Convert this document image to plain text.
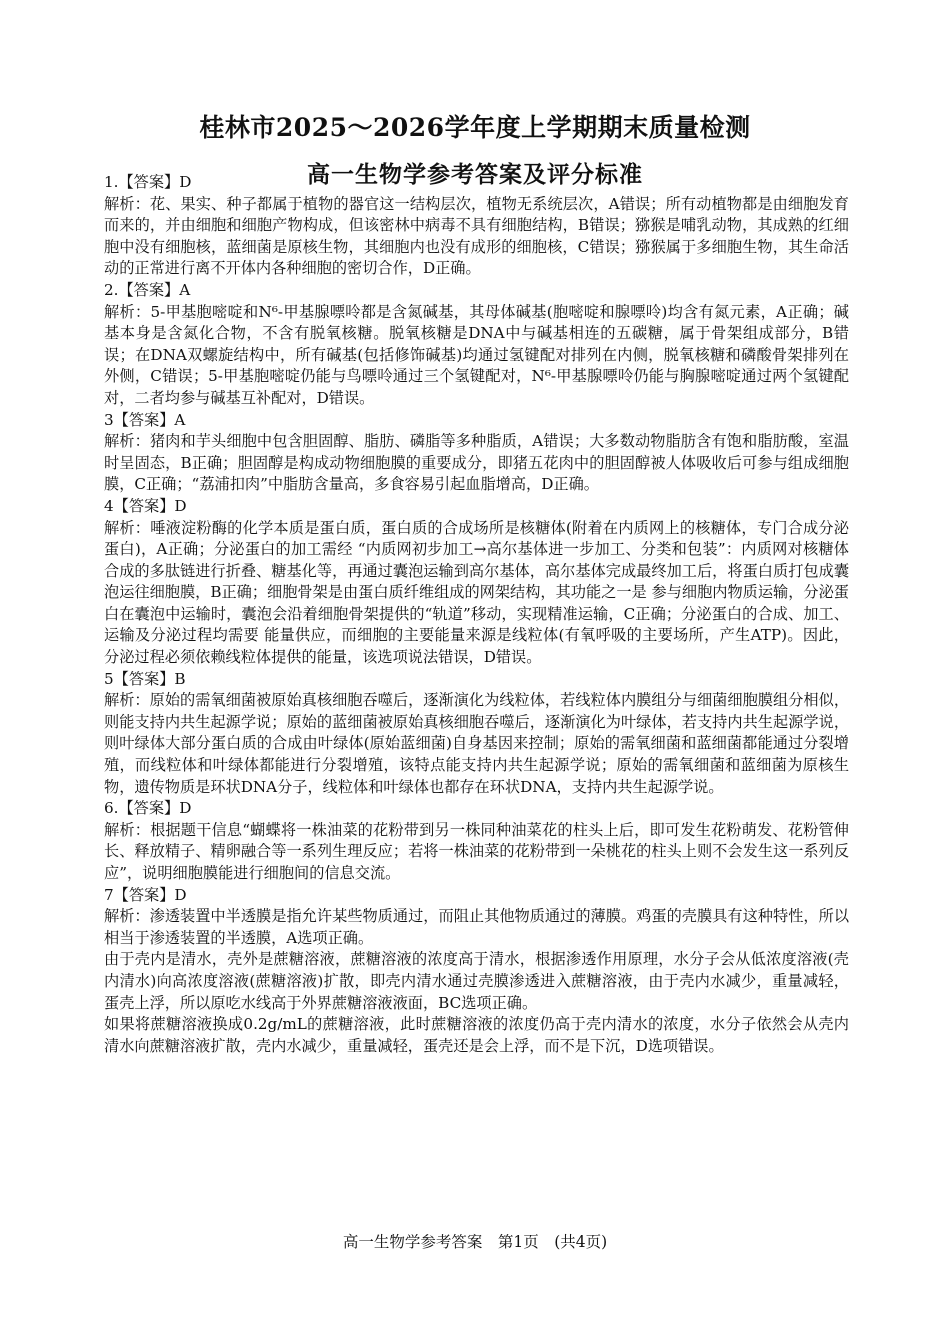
桂林市2025～2026学年度上学期期末质量检测
高一生物学参考答案及评分标准
1.【答案】D
解析：花、果实、种子都属于植物的器官这一结构层次，植物无系统层次，A错误；所有动植物都是由细胞发育而来的，并由细胞和细胞产物构成，但该密林中病毒不具有细胞结构，B错误；猕猴是哺乳动物，其成熟的红细胞中没有细胞核，蓝细菌是原核生物，其细胞内也没有成形的细胞核，C错误；猕猴属于多细胞生物，其生命活动的正常进行离不开体内各种细胞的密切合作，D正确。
2.【答案】A
解析：5-甲基胞嘧啶和N⁶-甲基腺嘌呤都是含氮碱基，其母体碱基(胞嘧啶和腺嘌呤)均含有氮元素，A正确；碱基本身是含氮化合物，不含有脱氧核糖。脱氧核糖是DNA中与碱基相连的五碳糖，属于骨架组成部分，B错误；在DNA双螺旋结构中，所有碱基(包括修饰碱基)均通过氢键配对排列在内侧，脱氧核糖和磷酸骨架排列在外侧，C错误；5-甲基胞嘧啶仍能与鸟嘌呤通过三个氢键配对，N⁶-甲基腺嘌呤仍能与胸腺嘧啶通过两个氢键配对，二者均参与碱基互补配对，D错误。
3【答案】A
解析：猪肉和芋头细胞中包含胆固醇、脂肪、磷脂等多种脂质，A错误；大多数动物脂肪含有饱和脂肪酸，室温时呈固态，B正确；胆固醇是构成动物细胞膜的重要成分，即猪五花肉中的胆固醇被人体吸收后可参与组成细胞膜，C正确；“荔浦扣肉”中脂肪含量高，多食容易引起血脂增高，D正确。
4【答案】D
解析：唾液淀粉酶的化学本质是蛋白质，蛋白质的合成场所是核糖体(附着在内质网上的核糖体，专门合成分泌蛋白)，A正确；分泌蛋白的加工需经 “内质网初步加工→高尔基体进一步加工、分类和包装”：内质网对核糖体合成的多肽链进行折叠、糖基化等，再通过囊泡运输到高尔基体，高尔基体完成最终加工后，将蛋白质打包成囊泡运往细胞膜，B正确；细胞骨架是由蛋白质纤维组成的网架结构，其功能之一是 参与细胞内物质运输，分泌蛋白在囊泡中运输时，囊泡会沿着细胞骨架提供的“轨道”移动，实现精准运输，C正确；分泌蛋白的合成、加工、运输及分泌过程均需要 能量供应，而细胞的主要能量来源是线粒体(有氧呼吸的主要场所，产生ATP)。因此，分泌过程必须依赖线粒体提供的能量，该选项说法错误，D错误。
5【答案】B
解析：原始的需氧细菌被原始真核细胞吞噬后，逐渐演化为线粒体，若线粒体内膜组分与细菌细胞膜组分相似，则能支持内共生起源学说；原始的蓝细菌被原始真核细胞吞噬后，逐渐演化为叶绿体，若支持内共生起源学说，则叶绿体大部分蛋白质的合成由叶绿体(原始蓝细菌)自身基因来控制；原始的需氧细菌和蓝细菌都能通过分裂增殖，而线粒体和叶绿体都能进行分裂增殖，该特点能支持内共生起源学说；原始的需氧细菌和蓝细菌为原核生物，遗传物质是环状DNA分子，线粒体和叶绿体也都存在环状DNA，支持内共生起源学说。
6.【答案】D
解析：根据题干信息“蝴蝶将一株油菜的花粉带到另一株同种油菜花的柱头上后，即可发生花粉萌发、花粉管伸长、释放精子、精卵融合等一系列生理反应；若将一株油菜的花粉带到一朵桃花的柱头上则不会发生这一系列反应”，说明细胞膜能进行细胞间的信息交流。
7【答案】D
解析：渗透装置中半透膜是指允许某些物质通过，而阻止其他物质通过的薄膜。鸡蛋的壳膜具有这种特性，所以相当于渗透装置的半透膜，A选项正确。
由于壳内是清水，壳外是蔗糖溶液，蔗糖溶液的浓度高于清水，根据渗透作用原理，水分子会从低浓度溶液(壳内清水)向高浓度溶液(蔗糖溶液)扩散，即壳内清水通过壳膜渗透进入蔗糖溶液，由于壳内水减少，重量减轻，蛋壳上浮，所以原吃水线高于外界蔗糖溶液液面，BC选项正确。
如果将蔗糖溶液换成0.2g/mL的蔗糖溶液，此时蔗糖溶液的浓度仍高于壳内清水的浓度，水分子依然会从壳内清水向蔗糖溶液扩散，壳内水减少，重量减轻，蛋壳还是会上浮，而不是下沉，D选项错误。
高一生物学参考答案　第1页　(共4页)
